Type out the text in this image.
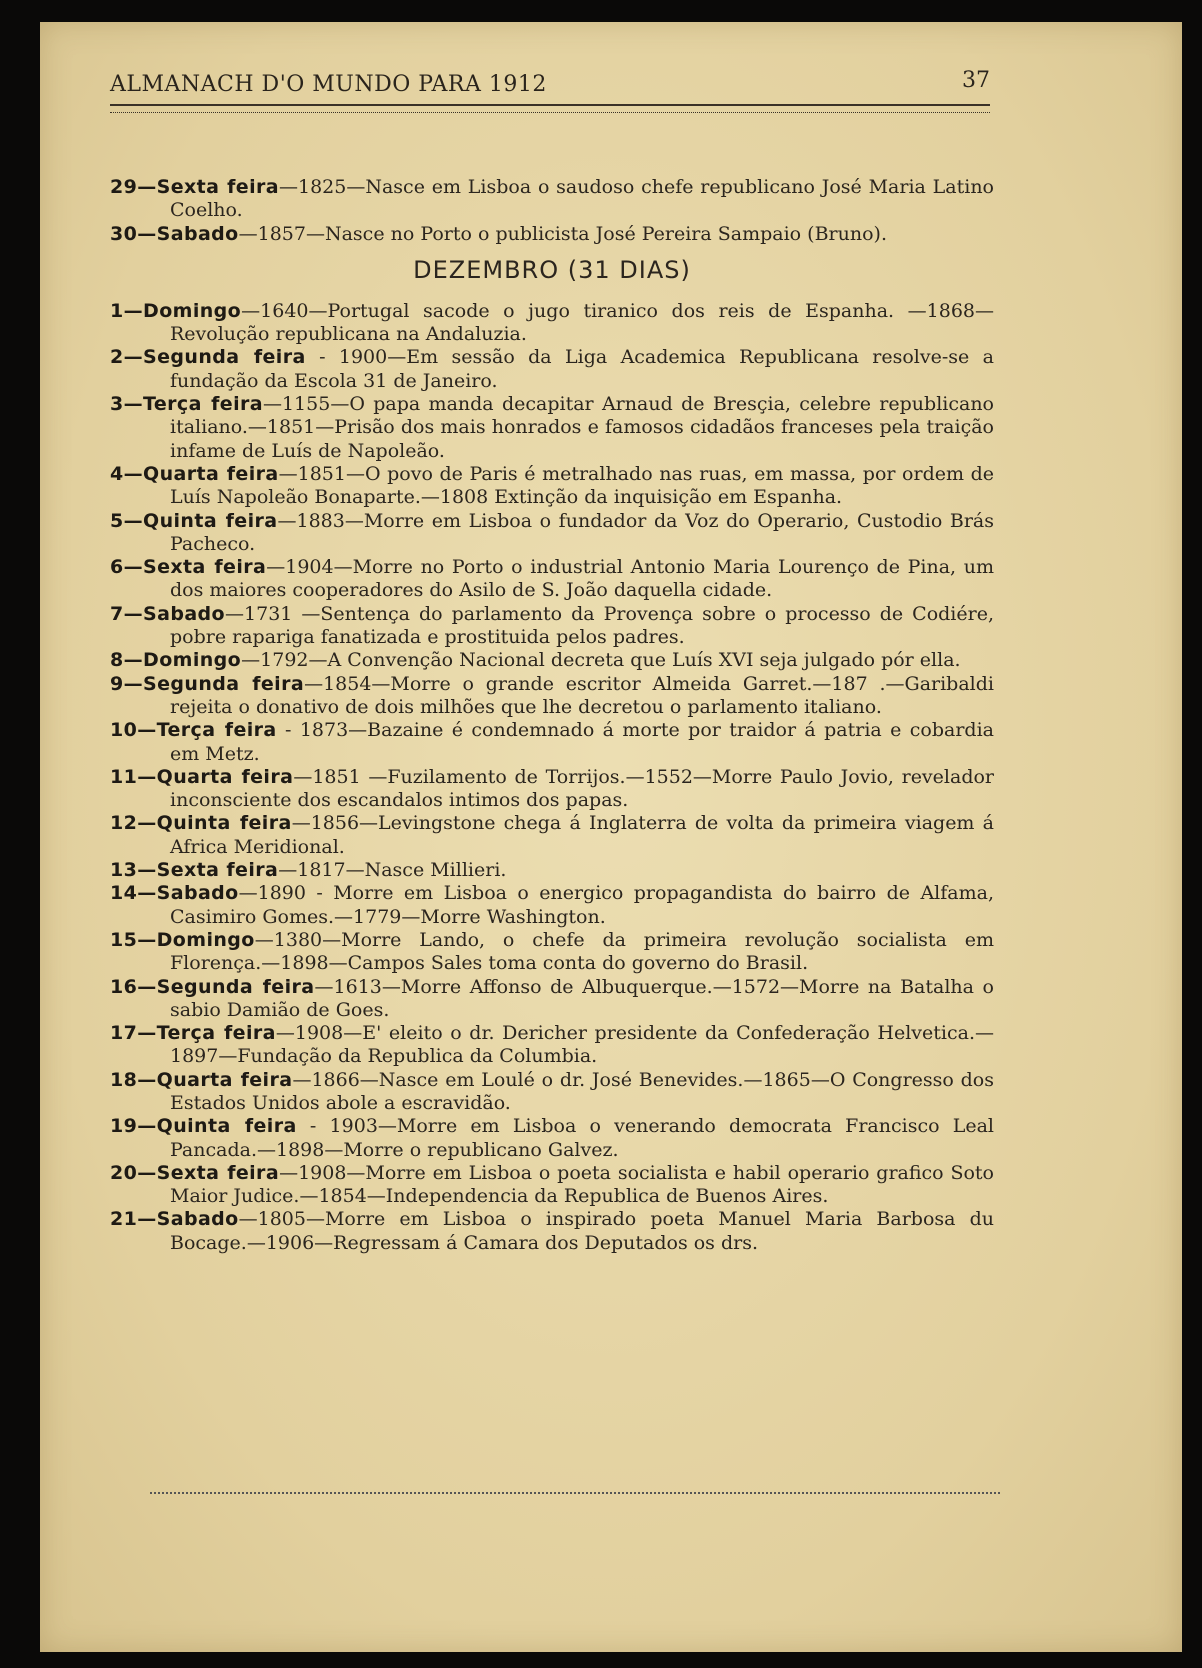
ALMANACH D'O MUNDO PARA 1912	37

29—Sexta feira—1825—Nasce em Lisboa o saudoso chefe republicano José Maria Latino Coelho.

30—Sabado—1857—Nasce no Porto o publicista José Pereira Sampaio (Bruno).

DEZEMBRO (31 DIAS)

1—Domingo—1640—Portugal sacode o jugo tiranico dos reis de Espanha. —1868—Revolução republicana na Andaluzia.

2—Segunda feira - 1900—Em sessão da Liga Academica Republicana resolve-se a fundação da Escola 31 de Janeiro.

3—Terça feira—1155—O papa manda decapitar Arnaud de Bresçia, celebre republicano italiano.—1851—Prisão dos mais honrados e famosos cidadãos franceses pela traição infame de Luís de Napoleão.

4—Quarta feira—1851—O povo de Paris é metralhado nas ruas, em massa, por ordem de Luís Napoleão Bonaparte.—1808 Extinção da inquisição em Espanha.

5—Quinta feira—1883—Morre em Lisboa o fundador da Voz do Operario, Custodio Brás Pacheco.

6—Sexta feira—1904—Morre no Porto o industrial Antonio Maria Lourenço de Pina, um dos maiores cooperadores do Asilo de S. João daquella cidade.

7—Sabado—1731 —Sentença do parlamento da Provença sobre o processo de Codiére, pobre rapariga fanatizada e prostituida pelos padres.

8—Domingo—1792—A Convenção Nacional decreta que Luís XVI seja julgado pór ella.

9—Segunda feira—1854—Morre o grande escritor Almeida Garret.—187 .—Garibaldi rejeita o donativo de dois milhões que lhe decretou o parlamento italiano.

10—Terça feira - 1873—Bazaine é condemnado á morte por traidor á patria e cobardia em Metz.

11—Quarta feira—1851 —Fuzilamento de Torrijos.—1552—Morre Paulo Jovio, revelador inconsciente dos escandalos intimos dos papas.

12—Quinta feira—1856—Levingstone chega á Inglaterra de volta da primeira viagem á Africa Meridional.

13—Sexta feira—1817—Nasce Millieri.

14—Sabado—1890 - Morre em Lisboa o energico propagandista do bairro de Alfama, Casimiro Gomes.—1779—Morre Washington.

15—Domingo—1380—Morre Lando, o chefe da primeira revolução socialista em Florença.—1898—Campos Sales toma conta do governo do Brasil.

16—Segunda feira—1613—Morre Affonso de Albuquerque.—1572—Morre na Batalha o sabio Damião de Goes.

17—Terça feira—1908—E' eleito o dr. Dericher presidente da Confederação Helvetica.—1897—Fundação da Republica da Columbia.

18—Quarta feira—1866—Nasce em Loulé o dr. José Benevides.—1865—O Congresso dos Estados Unidos abole a escravidão.

19—Quinta feira - 1903—Morre em Lisboa o venerando democrata Francisco Leal Pancada.—1898—Morre o republicano Galvez.

20—Sexta feira—1908—Morre em Lisboa o poeta socialista e habil operario grafico Soto Maior Judice.—1854—Independencia da Republica de Buenos Aires.

21—Sabado—1805—Morre em Lisboa o inspirado poeta Manuel Maria Barbosa du Bocage.—1906—Regressam á Camara dos Deputados os drs.
